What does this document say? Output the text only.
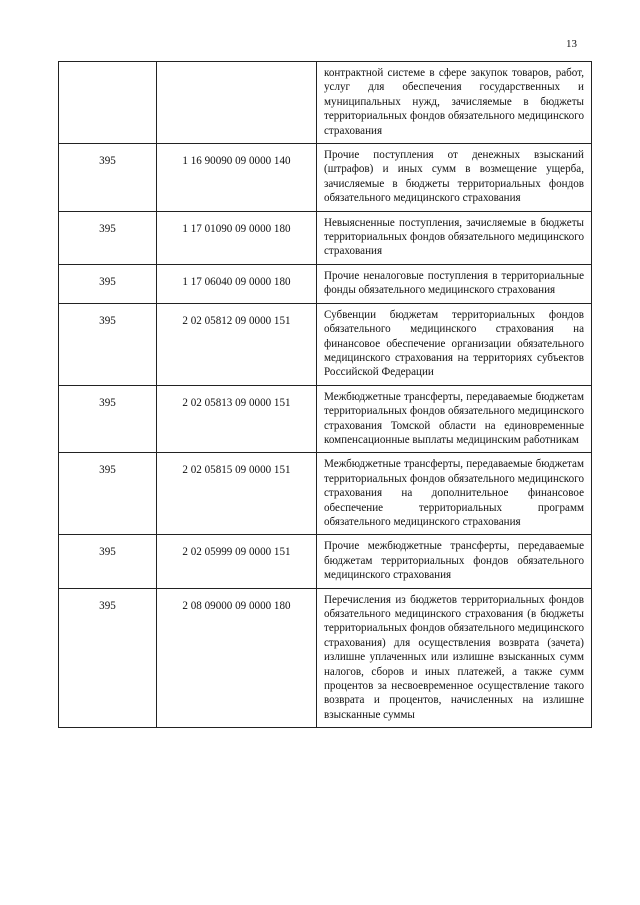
13
		контрактной системе в сфере закупок товаров, работ, услуг для обеспечения государственных и муниципальных нужд, зачисляемые в бюджеты территориальных фондов обязательного медицинского страхования
395	1 16 90090 09 0000 140	Прочие поступления от денежных взысканий (штрафов) и иных сумм в возмещение ущерба, зачисляемые в бюджеты территориальных фондов обязательного медицинского страхования
395	1 17 01090 09 0000 180	Невыясненные поступления, зачисляемые в бюджеты территориальных фондов обязательного медицинского страхования
395	1 17 06040 09 0000 180	Прочие неналоговые поступления в территориальные фонды обязательного медицинского страхования
395	2 02 05812 09 0000 151	Субвенции бюджетам территориальных фондов обязательного медицинского страхования на финансовое обеспечение организации обязательного медицинского страхования на территориях субъектов Российской Федерации
395	2 02 05813 09 0000 151	Межбюджетные трансферты, передаваемые бюджетам территориальных фондов обязательного медицинского страхования Томской области на единовременные компенсационные выплаты медицинским работникам
395	2 02 05815 09 0000 151	Межбюджетные трансферты, передаваемые бюджетам территориальных фондов обязательного медицинского страхования на дополнительное финансовое обеспечение территориальных программ обязательного медицинского страхования
395	2 02 05999 09 0000 151	Прочие межбюджетные трансферты, передаваемые бюджетам территориальных фондов обязательного медицинского страхования
395	2 08 09000 09 0000 180	Перечисления из бюджетов территориальных фондов обязательного медицинского страхования (в бюджеты территориальных фондов обязательного медицинского страхования) для осуществления возврата (зачета) излишне уплаченных или излишне взысканных сумм налогов, сборов и иных платежей, а также сумм процентов за несвоевременное осуществление такого возврата и процентов, начисленных на излишне взысканные суммы
